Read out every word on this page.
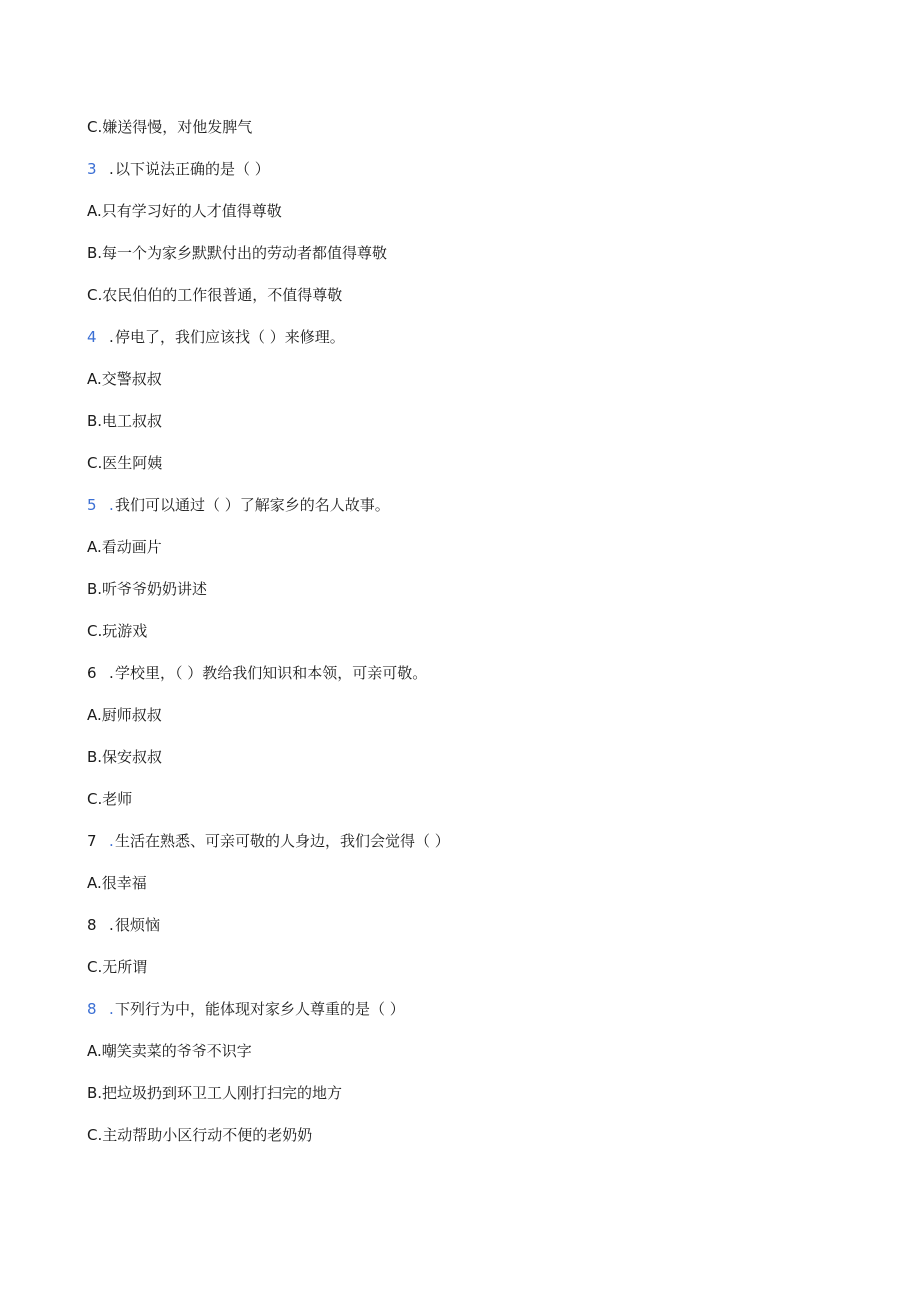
C.嫌送得慢，对他发脾气
3 .以下说法正确的是（ ）
A.只有学习好的人才值得尊敬
B.每一个为家乡默默付出的劳动者都值得尊敬
C.农民伯伯的工作很普通，不值得尊敬
4 .停电了，我们应该找（ ）来修理。
A.交警叔叔
B.电工叔叔
C.医生阿姨
5 .我们可以通过（ ）了解家乡的名人故事。
A.看动画片
B.听爷爷奶奶讲述
C.玩游戏
6 .学校里，（ ）教给我们知识和本领，可亲可敬。
A.厨师叔叔
B.保安叔叔
C.老师
7 .生活在熟悉、可亲可敬的人身边，我们会觉得（ ）
A.很幸福
8 .很烦恼
C.无所谓
8 .下列行为中，能体现对家乡人尊重的是（ ）
A.嘲笑卖菜的爷爷不识字
B.把垃圾扔到环卫工人刚打扫完的地方
C.主动帮助小区行动不便的老奶奶
